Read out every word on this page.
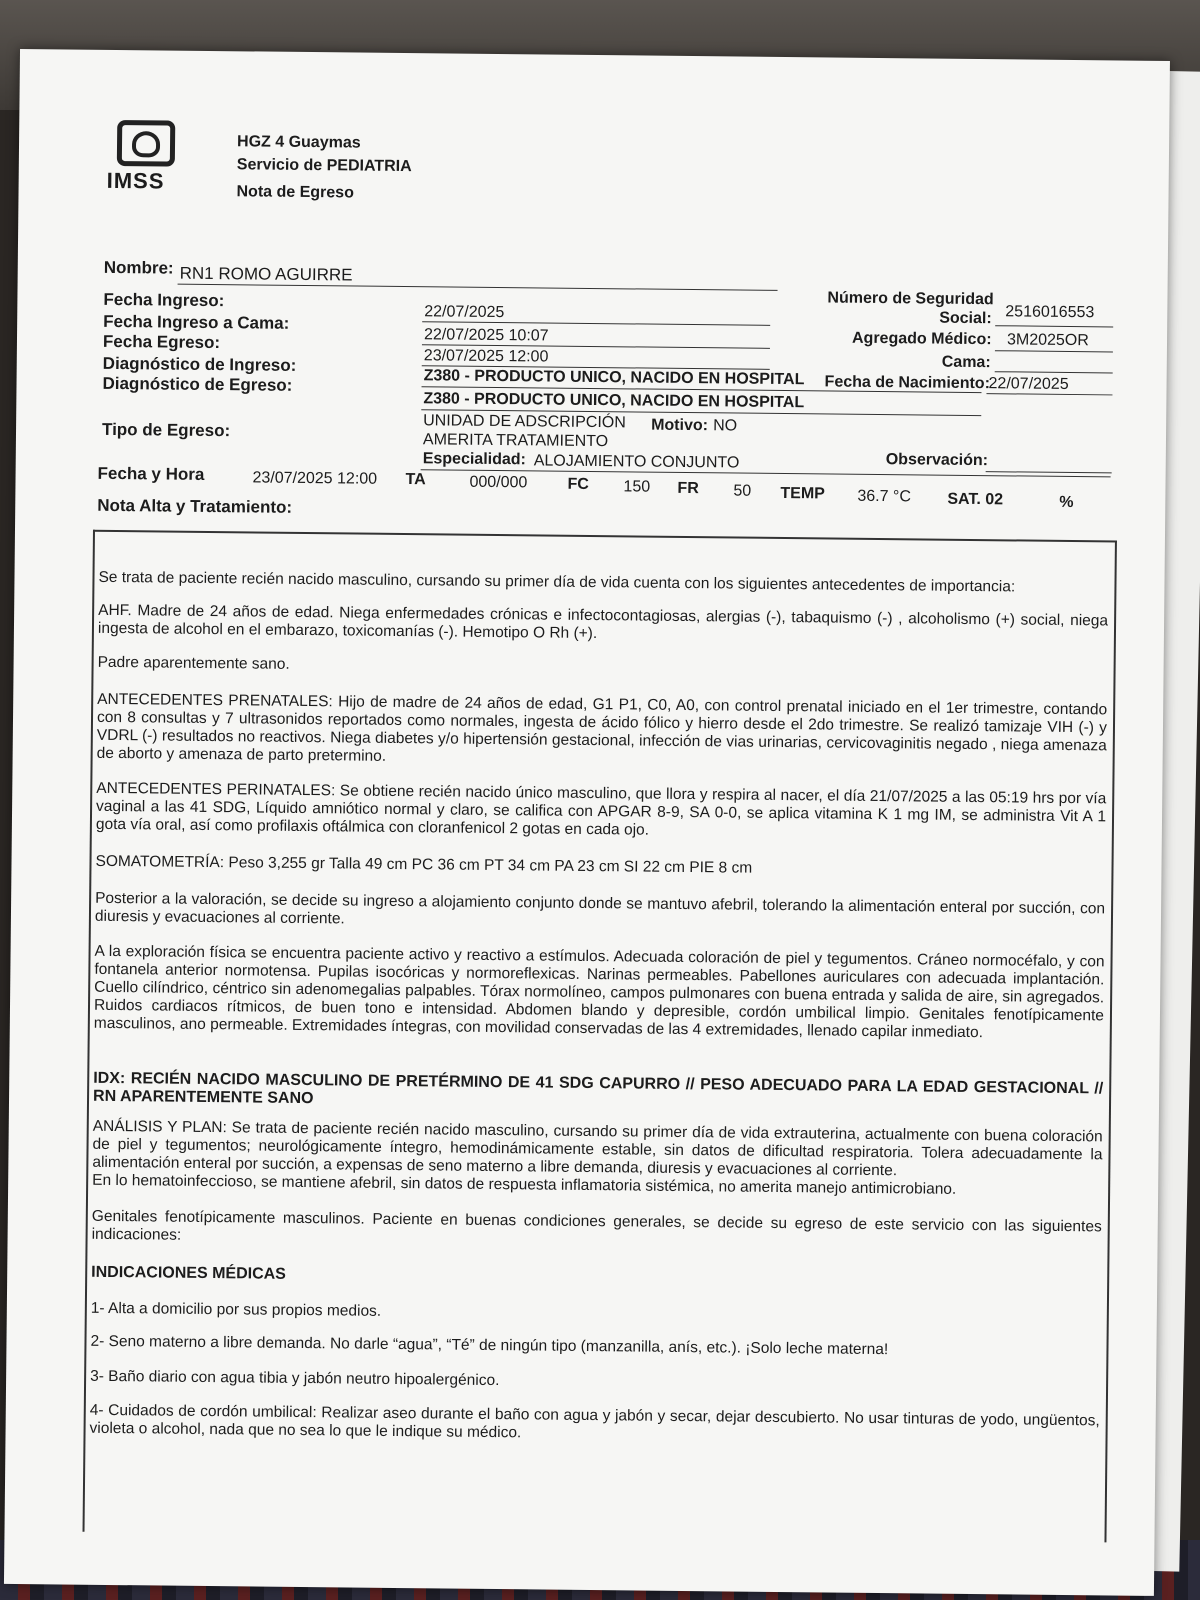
IMSS
HGZ 4 Guaymas
Servicio de PEDIATRIA
Nota de Egreso
Nombre: RN1 ROMO AGUIRRE
Fecha Ingreso:
22/07/2025
Fecha Ingreso a Cama:
22/07/2025 10:07
Fecha Egreso:
23/07/2025 12:00
Diagnóstico de Ingreso:
Z380 - PRODUCTO UNICO, NACIDO EN HOSPITAL
Diagnóstico de Egreso:
Z380 - PRODUCTO UNICO, NACIDO EN HOSPITAL
Tipo de Egreso:	UNIDAD DE ADSCRIPCIÓN Motivo: NO
AMERITA TRATAMIENTO
Especialidad: ALOJAMIENTO CONJUNTO
Número de Seguridad
Social: 2516016553
Agregado Médico: 3M2025OR
Cama:
Fecha de Nacimiento:
22/07/2025
Observación:
Fecha y Hora	23/07/2025 12:00 TA	000/000 FC 150 FR 50 TEMP 36.7 °C SAT. 02	%
Nota Alta y Tratamiento:
Se trata de paciente recién nacido masculino, cursando su primer día de vida cuenta con los siguientes antecedentes de importancia:
AHF. Madre de 24 años de edad. Niega enfermedades crónicas e infectocontagiosas, alergias (-), tabaquismo (-) , alcoholismo (+) social, niega ingesta de alcohol en el embarazo, toxicomanías (-). Hemotipo O Rh (+).
Padre aparentemente sano.
ANTECEDENTES PRENATALES: Hijo de madre de 24 años de edad, G1 P1, C0, A0, con control prenatal iniciado en el 1er trimestre, contando con 8 consultas y 7 ultrasonidos reportados como normales, ingesta de ácido fólico y hierro desde el 2do trimestre. Se realizó tamizaje VIH (-) y VDRL (-) resultados no reactivos. Niega diabetes y/o hipertensión gestacional, infección de vias urinarias, cervicovaginitis negado , niega amenaza de aborto y amenaza de parto pretermino.
ANTECEDENTES PERINATALES: Se obtiene recién nacido único masculino, que llora y respira al nacer, el día 21/07/2025 a las 05:19 hrs por vía vaginal a las 41 SDG, Líquido amniótico normal y claro, se califica con APGAR 8-9, SA 0-0, se aplica vitamina K 1 mg IM, se administra Vit A 1 gota vía oral, así como profilaxis oftálmica con cloranfenicol 2 gotas en cada ojo.
SOMATOMETRÍA: Peso 3,255 gr Talla 49 cm PC 36 cm PT 34 cm PA 23 cm SI 22 cm PIE 8 cm
Posterior a la valoración, se decide su ingreso a alojamiento conjunto donde se mantuvo afebril, tolerando la alimentación enteral por succión, con diuresis y evacuaciones al corriente.
A la exploración física se encuentra paciente activo y reactivo a estímulos. Adecuada coloración de piel y tegumentos. Cráneo normocéfalo, y con fontanela anterior normotensa. Pupilas isocóricas y normoreflexicas. Narinas permeables. Pabellones auriculares con adecuada implantación. Cuello cilíndrico, céntrico sin adenomegalias palpables. Tórax normolíneo, campos pulmonares con buena entrada y salida de aire, sin agregados. Ruidos cardiacos rítmicos, de buen tono e intensidad. Abdomen blando y depresible, cordón umbilical limpio. Genitales fenotípicamente masculinos, ano permeable. Extremidades íntegras, con movilidad conservadas de las 4 extremidades, llenado capilar inmediato.
IDX: RECIÉN NACIDO MASCULINO DE PRETÉRMINO DE 41 SDG CAPURRO // PESO ADECUADO PARA LA EDAD GESTACIONAL // RN APARENTEMENTE SANO
ANÁLISIS Y PLAN: Se trata de paciente recién nacido masculino, cursando su primer día de vida extrauterina, actualmente con buena coloración de piel y tegumentos; neurológicamente íntegro, hemodinámicamente estable, sin datos de dificultad respiratoria. Tolera adecuadamente la alimentación enteral por succión, a expensas de seno materno a libre demanda, diuresis y evacuaciones al corriente.
En lo hematoinfeccioso, se mantiene afebril, sin datos de respuesta inflamatoria sistémica, no amerita manejo antimicrobiano.
Genitales fenotípicamente masculinos. Paciente en buenas condiciones generales, se decide su egreso de este servicio con las siguientes indicaciones:
INDICACIONES MÉDICAS
1- Alta a domicilio por sus propios medios.
2- Seno materno a libre demanda. No darle “agua”, “Té” de ningún tipo (manzanilla, anís, etc.). ¡Solo leche materna!
3- Baño diario con agua tibia y jabón neutro hipoalergénico.
4- Cuidados de cordón umbilical: Realizar aseo durante el baño con agua y jabón y secar, dejar descubierto. No usar tinturas de yodo, ungüentos, violeta o alcohol, nada que no sea lo que le indique su médico.
